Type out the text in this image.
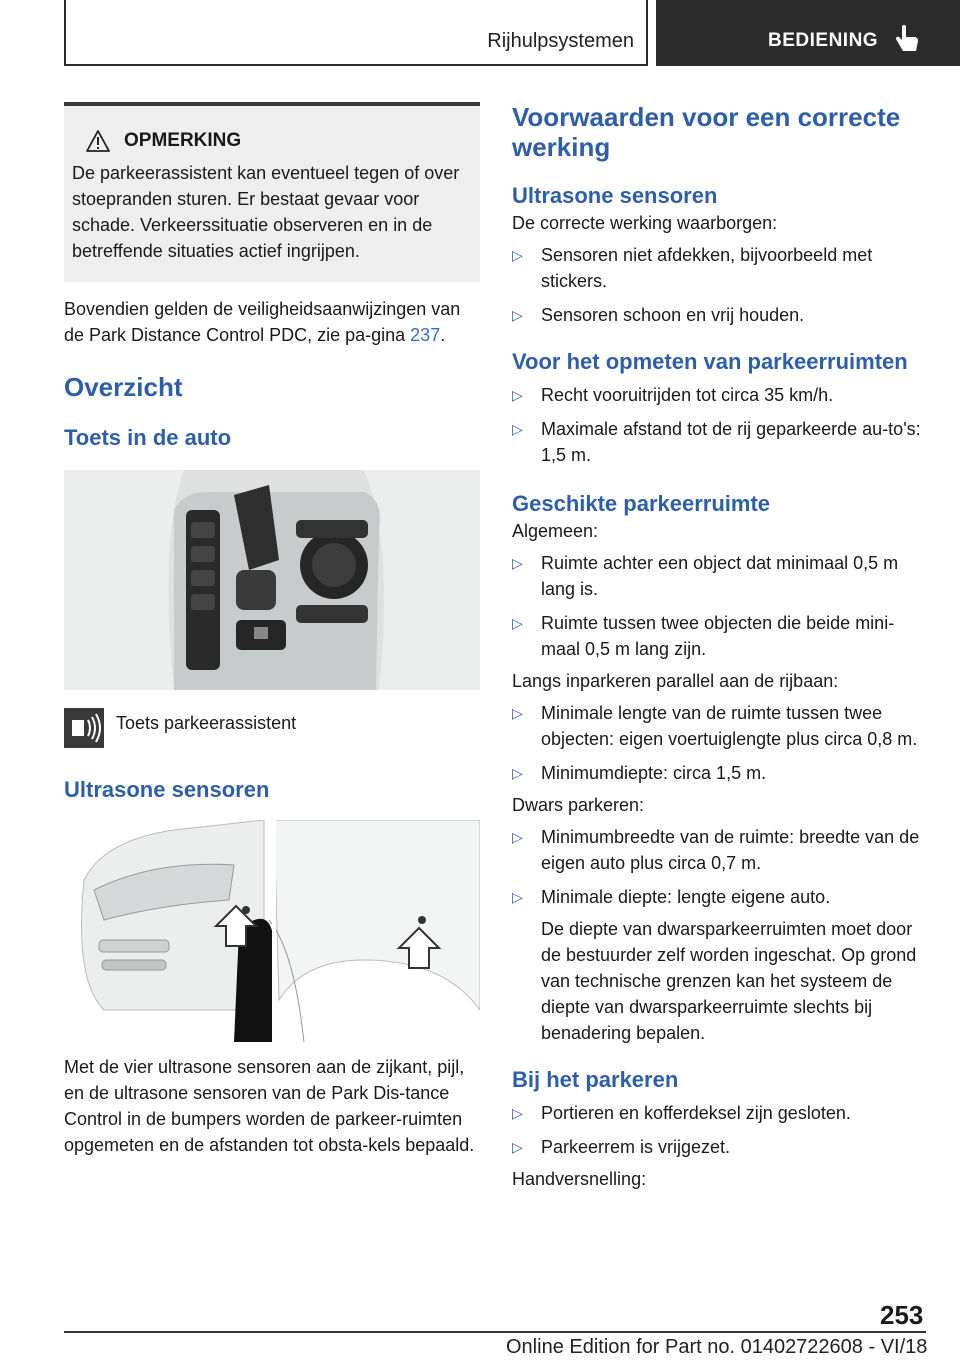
Rijhulpsystemen	BEDIENING
OPMERKING

De parkeerassistent kan eventueel tegen of over stoepranden sturen. Er bestaat gevaar voor schade. Verkeerssituatie observeren en in de betreffende situaties actief ingrijpen.

Bovendien gelden de veiligheidsaanwijzingen van de Park Distance Control PDC, zie pa‐gina 237.

Overzicht
Toets in de auto
Toets parkeerassistent
Ultrasone sensoren

Met de vier ultrasone sensoren aan de zijkant, pijl, en de ultrasone sensoren van de Park Dis‐tance Control in de bumpers worden de parkeer‐ruimten opgemeten en de afstanden tot obsta‐kels bepaald.

Voorwaarden voor een correcte werking
Ultrasone sensoren

De correcte werking waarborgen:

▷ Sensoren niet afdekken, bijvoorbeeld met stickers.
▷ Sensoren schoon en vrij houden.
Voor het opmeten van parkeerruimten
▷ Recht vooruitrijden tot circa 35 km/h.
▷ Maximale afstand tot de rij geparkeerde au‐to's: 1,5 m.
Geschikte parkeerruimte

Algemeen:

▷ Ruimte achter een object dat minimaal 0,5 m lang is.
▷ Ruimte tussen twee objecten die beide mini‐maal 0,5 m lang zijn.

Langs inparkeren parallel aan de rijbaan:

▷ Minimale lengte van de ruimte tussen twee objecten: eigen voertuiglengte plus circa 0,8 m.
▷ Minimumdiepte: circa 1,5 m.

Dwars parkeren:

▷ Minimumbreedte van de ruimte: breedte van de eigen auto plus circa 0,7 m.
▷ Minimale diepte: lengte eigene auto.

De diepte van dwarsparkeerruimten moet door de bestuurder zelf worden ingeschat. Op grond van technische grenzen kan het systeem de diepte van dwarsparkeerruimte slechts bij benadering bepalen.

Bij het parkeren
▷ Portieren en kofferdeksel zijn gesloten.
▷ Parkeerrem is vrijgezet.

Handversnelling:

253
Online Edition for Part no. 01402722608 - VI/18
